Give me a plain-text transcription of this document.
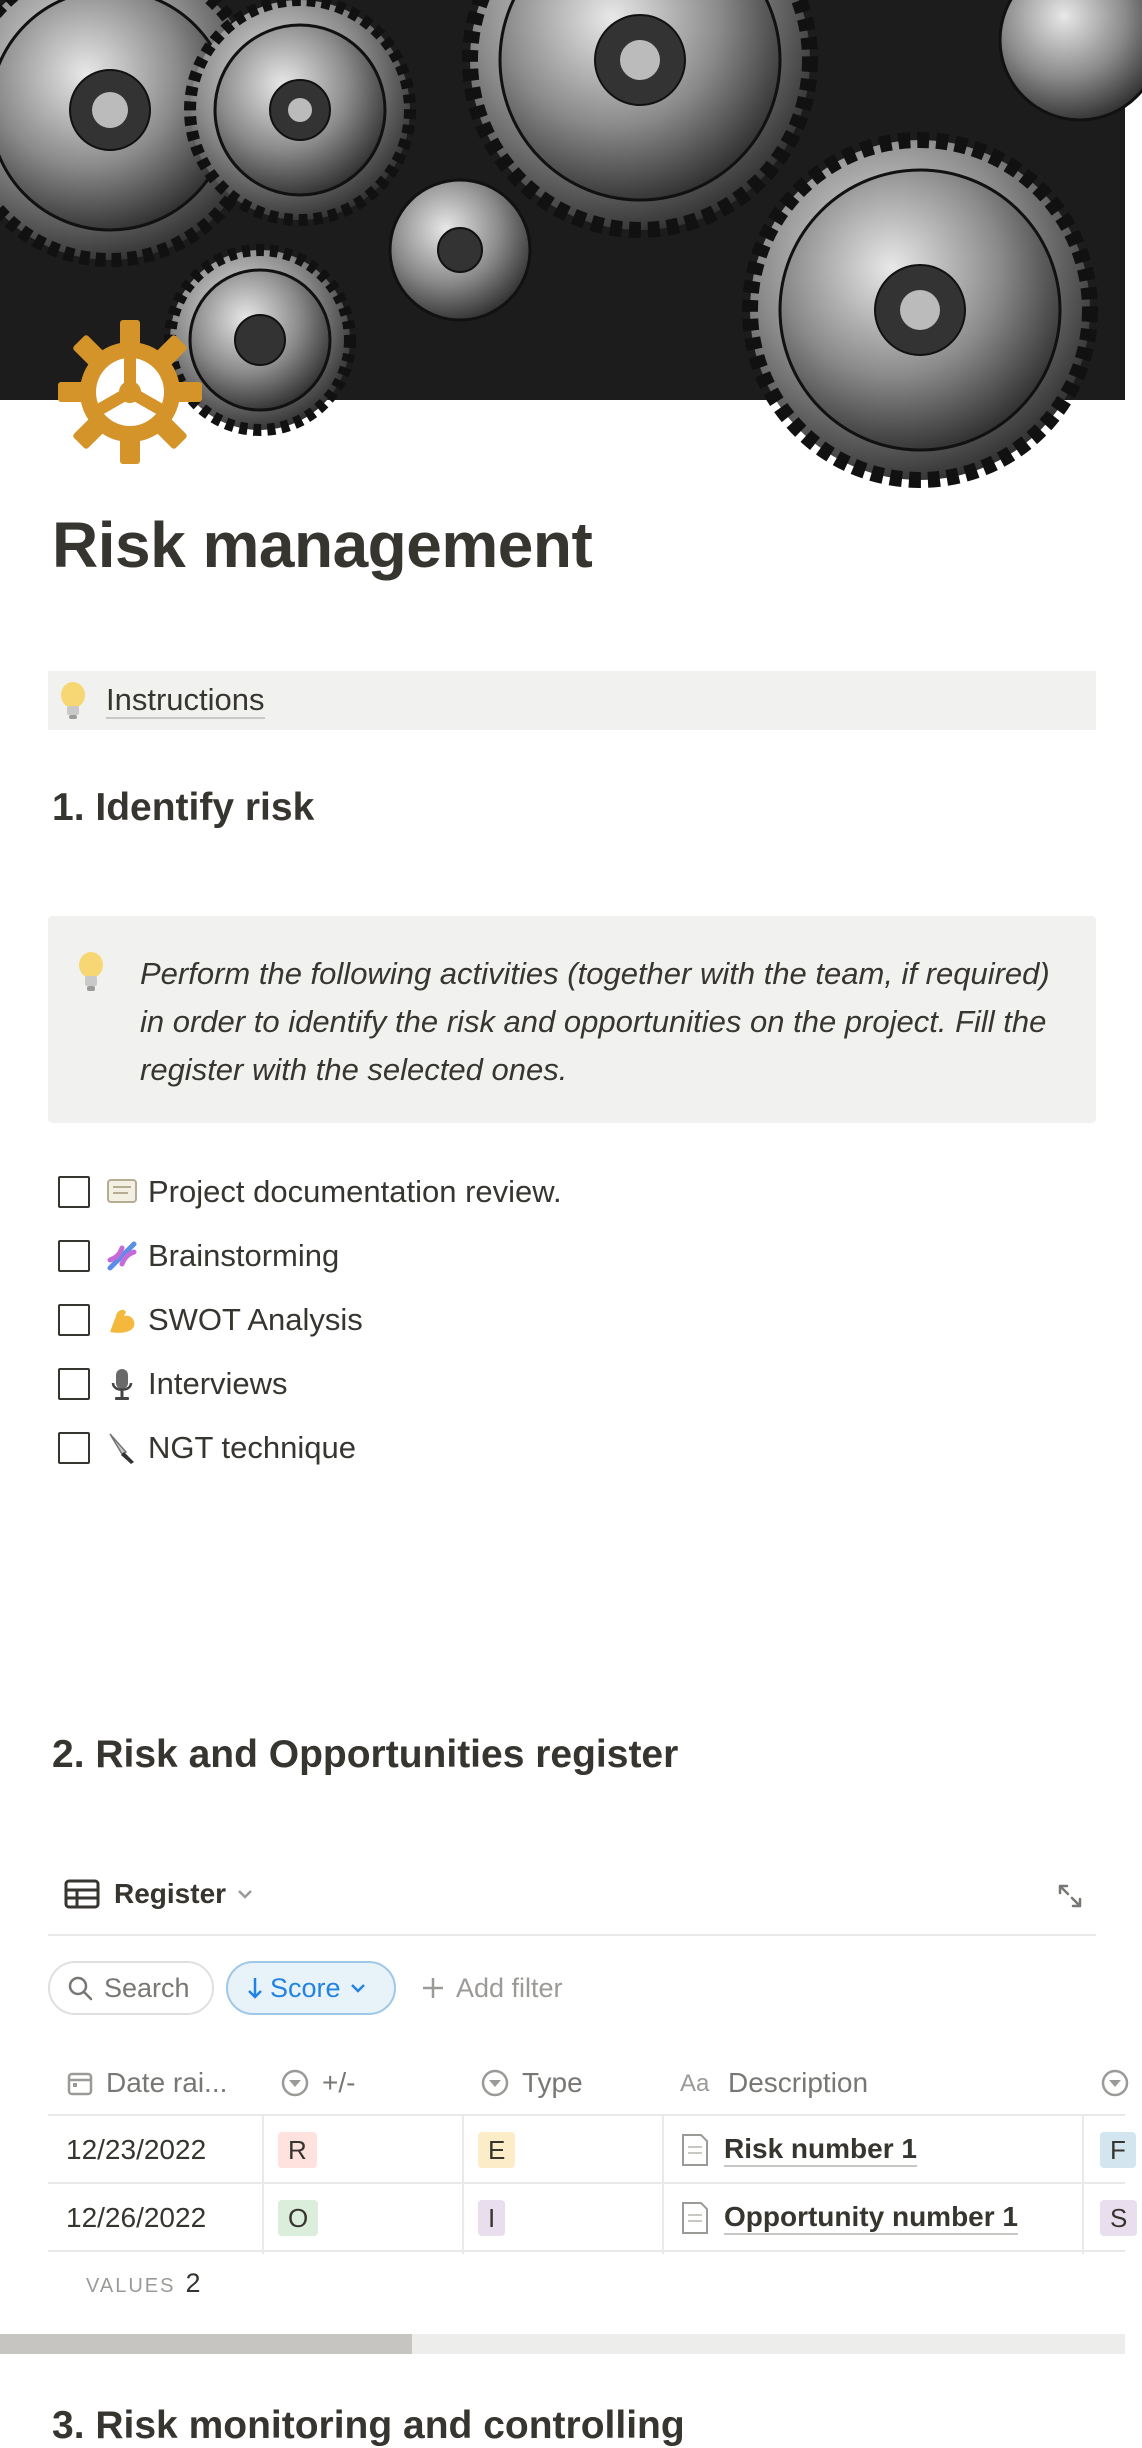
Risk management
Instructions
1. Identify risk
Perform the following activities (together with the team, if required) in order to identify the risk and opportunities on the project. Fill the register with the selected ones.
Project documentation review.
Brainstorming
SWOT Analysis
Interviews
NGT technique
2. Risk and Opportunities register
Register
Search	Score	Add filter
Date rai...	+/-	Type	Aa Description
12/23/2022	R	E	Risk number 1	F
12/26/2022	O	I	Opportunity number 1	S
VALUES 2
3. Risk monitoring and controlling
